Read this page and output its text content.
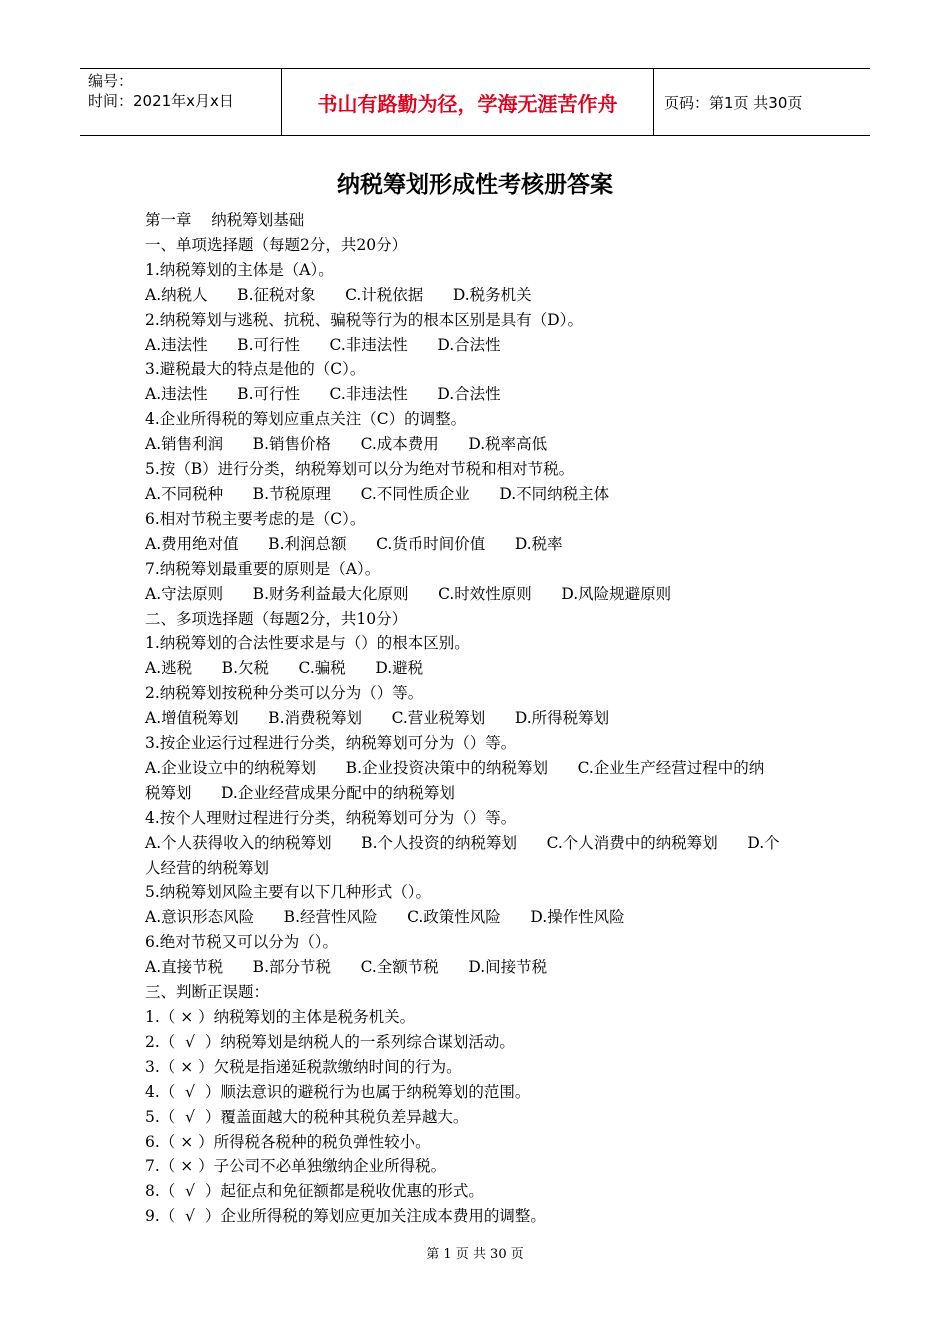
编号：
时间：2021年x月x日	书山有路勤为径，学海无涯苦作舟	页码：第1页 共30页
纳税筹划形成性考核册答案

第一章    纳税筹划基础

一、单项选择题（每题2分，共20分）

1.纳税筹划的主体是（A）。

A.纳税人      B.征税对象      C.计税依据      D.税务机关

2.纳税筹划与逃税、抗税、骗税等行为的根本区别是具有（D）。

A.违法性      B.可行性      C.非违法性      D.合法性

3.避税最大的特点是他的（C）。

A.违法性      B.可行性      C.非违法性      D.合法性

4.企业所得税的筹划应重点关注（C）的调整。

A.销售利润      B.销售价格      C.成本费用      D.税率高低

5.按（B）进行分类，纳税筹划可以分为绝对节税和相对节税。

A.不同税种      B.节税原理      C.不同性质企业      D.不同纳税主体

6.相对节税主要考虑的是（C）。

A.费用绝对值      B.利润总额      C.货币时间价值      D.税率

7.纳税筹划最重要的原则是（A）。

A.守法原则      B.财务利益最大化原则      C.时效性原则      D.风险规避原则

二、多项选择题（每题2分，共10分）

1.纳税筹划的合法性要求是与（）的根本区别。

A.逃税      B.欠税      C.骗税      D.避税

2.纳税筹划按税种分类可以分为（）等。

A.增值税筹划      B.消费税筹划      C.营业税筹划      D.所得税筹划

3.按企业运行过程进行分类，纳税筹划可分为（）等。

A.企业设立中的纳税筹划      B.企业投资决策中的纳税筹划      C.企业生产经营过程中的纳

税筹划      D.企业经营成果分配中的纳税筹划

4.按个人理财过程进行分类，纳税筹划可分为（）等。

A.个人获得收入的纳税筹划      B.个人投资的纳税筹划      C.个人消费中的纳税筹划      D.个

人经营的纳税筹划

5.纳税筹划风险主要有以下几种形式（）。

A.意识形态风险      B.经营性风险      C.政策性风险      D.操作性风险

6.绝对节税又可以分为（）。

A.直接节税      B.部分节税      C.全额节税      D.间接节税

三、判断正误题：

1.（ × ）纳税筹划的主体是税务机关。

2.（  √  ）纳税筹划是纳税人的一系列综合谋划活动。

3.（ × ）欠税是指递延税款缴纳时间的行为。

4.（  √  ）顺法意识的避税行为也属于纳税筹划的范围。

5.（  √  ）覆盖面越大的税种其税负差异越大。

6.（ × ）所得税各税种的税负弹性较小。

7.（ × ）子公司不必单独缴纳企业所得税。

8.（  √  ）起征点和免征额都是税收优惠的形式。

9.（  √  ）企业所得税的筹划应更加关注成本费用的调整。

第 1 页 共 30 页
